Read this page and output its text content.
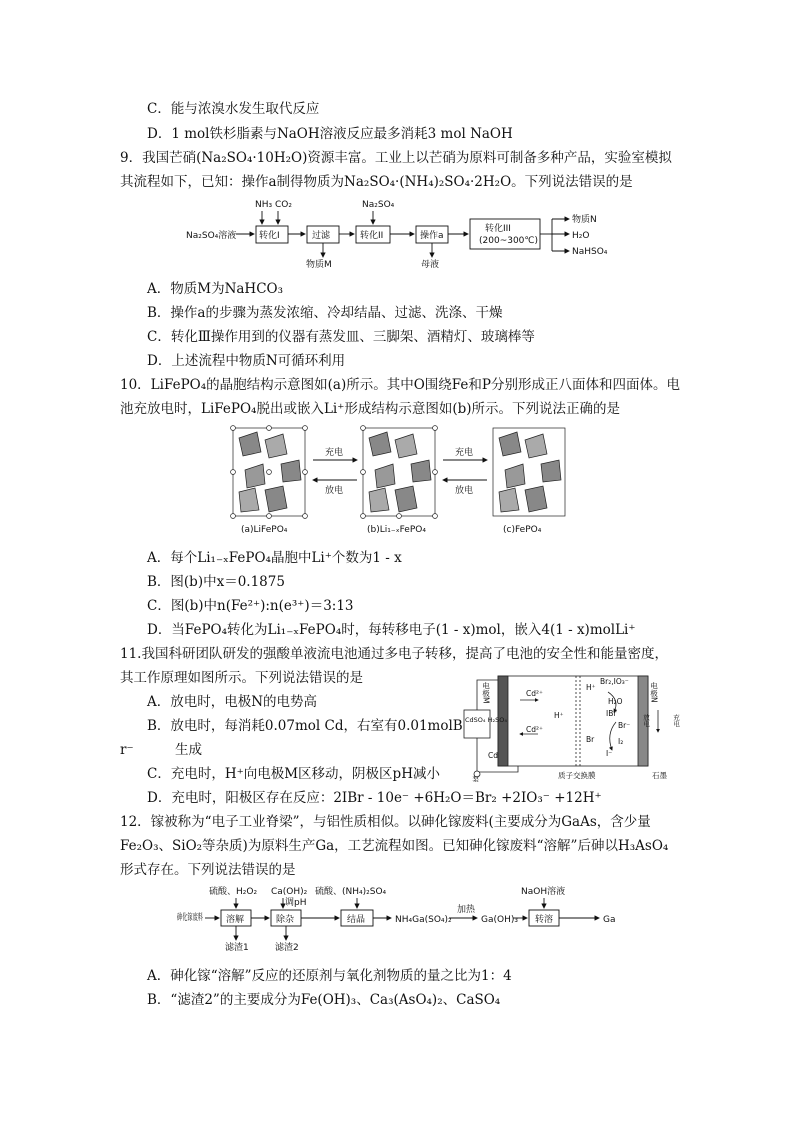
C．能与浓溴水发生取代反应
D．1 mol铁杉脂素与NaOH溶液反应最多消耗3 mol NaOH
9．我国芒硝(Na₂SO₄·10H₂O)资源丰富。工业上以芒硝为原料可制备多种产品，实验室模拟
其流程如下，已知：操作a制得物质为Na₂SO₄·(NH₄)₂SO₄·2H₂O。下列说法错误的是
Na₂SO₄溶液
NH₃ CO₂
转化I	过滤
物质M
Na₂SO₄
转化II	操作a
母液
转化III
(200~300℃)
物质N
H₂O
NaHSO₄
A．物质M为NaHCO₃
B．操作a的步骤为蒸发浓缩、冷却结晶、过滤、洗涤、干燥
C．转化Ⅲ操作用到的仪器有蒸发皿、三脚架、酒精灯、玻璃棒等
D．上述流程中物质N可循环利用
10．LiFePO₄的晶胞结构示意图如(a)所示。其中O围绕Fe和P分别形成正八面体和四面体。电
池充放电时，LiFePO₄脱出或嵌入Li⁺形成结构示意图如(b)所示。下列说法正确的是
充电
放电
充电
放电
(a)LiFePO₄	(b)Li₁₋ₓFePO₄	(c)FePO₄
A．每个Li₁₋ₓFePO₄晶胞中Li⁺个数为1 - x
B．图(b)中x＝0.1875
C．图(b)中n(Fe²⁺):n(e³⁺)＝3:13
D．当FePO₄转化为Li₁₋ₓFePO₄时，每转移电子(1 - x)mol，嵌入4(1 - x)molLi⁺
11.我国科研团队研发的强酸单液流电池通过多电子转移，提高了电池的安全性和能量密度，
其工作原理如图所示。下列说法错误的是
A．放电时，电极N的电势高
B．放电时，每消耗0.07mol Cd，右室有0.01molB
r⁻	生成
C．充电时，H⁺向电极M区移动，阴极区pH减小
D．充电时，阳极区存在反应：2IBr - 10e⁻ +6H₂O＝Br₂ +2IO₃⁻ +12H⁺
电极M	电极N
CdSO₄ H₂SO₄
泵
Cd
石墨
质子交换膜
Cd²⁺
Cd²⁺
H⁺
H⁺
Br₂,IO₃⁻
H₂O
IBr
Br⁻
Br	I₂
I⁻
放电	充电
12．镓被称为“电子工业脊梁”，与铝性质相似。以砷化镓废料(主要成分为GaAs，含少量
Fe₂O₃、SiO₂等杂质)为原料生产Ga，工艺流程如图。已知砷化镓废料“溶解”后砷以H₃AsO₄
形式存在。下列说法错误的是
砷化镓废料
硫酸、H₂O₂
溶解
滤渣1
Ca(OH)₂
调pH
除杂
滤渣2
硫酸、(NH₄)₂SO₄
结晶	NH₄Ga(SO₄)₂
加热
Ga(OH)₃
NaOH溶液
转溶	Ga
A．砷化镓“溶解”反应的还原剂与氧化剂物质的量之比为1：4
B．“滤渣2”的主要成分为Fe(OH)₃、Ca₃(AsO₄)₂、CaSO₄
